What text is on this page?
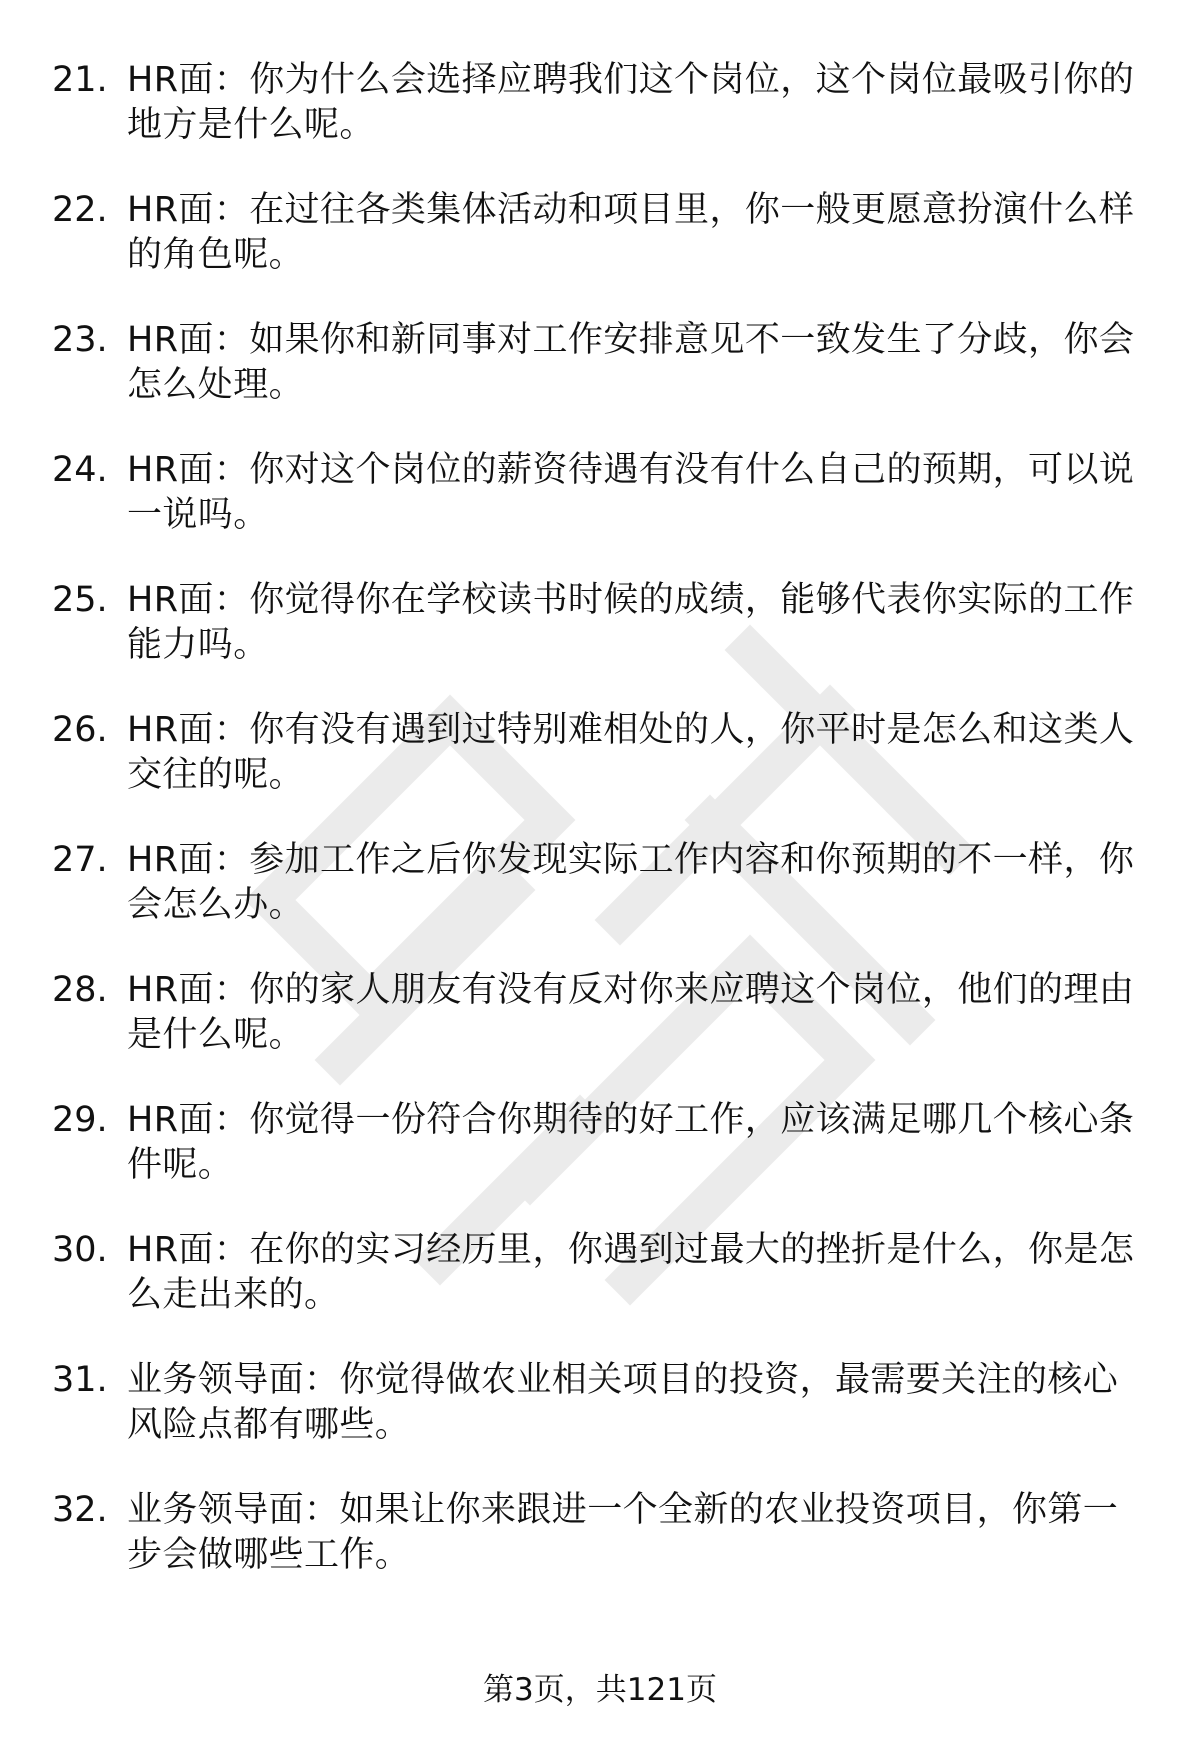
21. HR面：你为什么会选择应聘我们这个岗位，这个岗位最吸引你的地方是什么呢。
22. HR面：在过往各类集体活动和项目里，你一般更愿意扮演什么样的角色呢。
23. HR面：如果你和新同事对工作安排意见不一致发生了分歧，你会怎么处理。
24. HR面：你对这个岗位的薪资待遇有没有什么自己的预期，可以说一说吗。
25. HR面：你觉得你在学校读书时候的成绩，能够代表你实际的工作能力吗。
26. HR面：你有没有遇到过特别难相处的人，你平时是怎么和这类人交往的呢。
27. HR面：参加工作之后你发现实际工作内容和你预期的不一样，你会怎么办。
28. HR面：你的家人朋友有没有反对你来应聘这个岗位，他们的理由是什么呢。
29. HR面：你觉得一份符合你期待的好工作，应该满足哪几个核心条件呢。
30. HR面：在你的实习经历里，你遇到过最大的挫折是什么，你是怎么走出来的。
31. 业务领导面：你觉得做农业相关项目的投资，最需要关注的核心风险点都有哪些。
32. 业务领导面：如果让你来跟进一个全新的农业投资项目，你第一步会做哪些工作。
第3页，共121页
